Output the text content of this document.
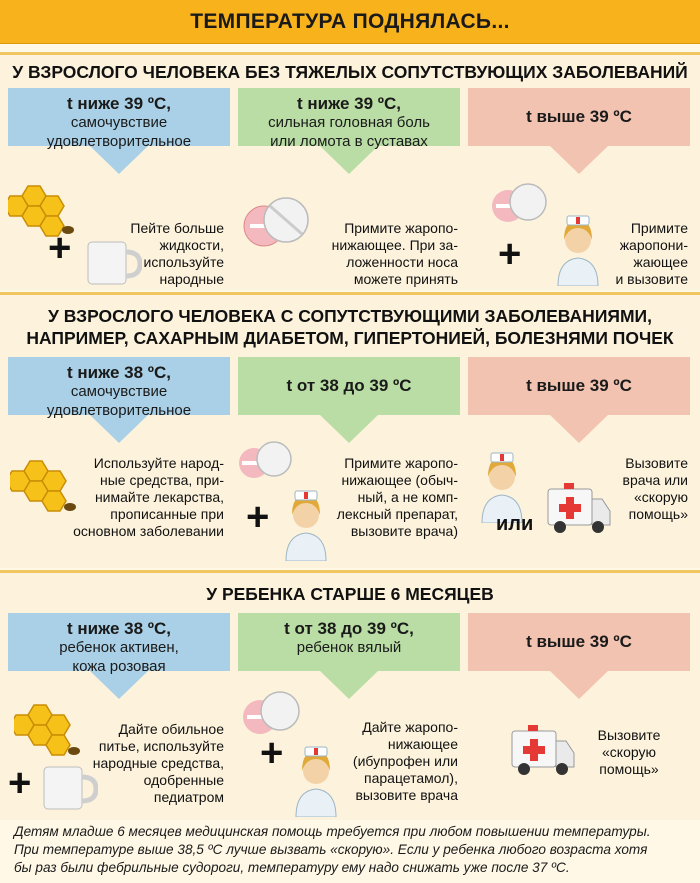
ТЕМПЕРАТУРА ПОДНЯЛАСЬ...
У ВЗРОСЛОГО ЧЕЛОВЕКА БЕЗ ТЯЖЕЛЫХ СОПУТСТВУЮЩИХ ЗАБОЛЕВАНИЙ
t ниже 39 ºC,
самочувствие
удовлетворительное
+	Пейте больше
жидкости,
используйте
народные
t ниже 39 ºC,
сильная головная боль
или ломота в суставах
Примите жаропо-
нижающее. При за-
ложенности носа
можете принять
t выше 39 ºC
+
Примите
жаропони-
жающее
и вызовите
У ВЗРОСЛОГО ЧЕЛОВЕКА С СОПУТСТВУЮЩИМИ ЗАБОЛЕВАНИЯМИ,
НАПРИМЕР, САХАРНЫМ ДИАБЕТОМ, ГИПЕРТОНИЕЙ, БОЛЕЗНЯМИ ПОЧЕК
t ниже 38 ºC,
самочувствие
удовлетворительное
Используйте народ-
ные средства, при-
нимайте лекарства,
прописанные при
основном заболевании
t от 38 до 39 ºC
+
Примите жаропо-
нижающее (обыч-
ный, а не комп-
лексный препарат,
вызовите врача)
t выше 39 ºC
или
Вызовите
врача или
«скорую
помощь»
У РЕБЕНКА СТАРШЕ 6 МЕСЯЦЕВ
t ниже 38 ºC,
ребенок активен,
кожа розовая
+
Дайте обильное
питье, используйте
народные средства,
одобренные
педиатром
t от 38 до 39 ºC,
ребенок вялый
+
Дайте жаропо-
нижающее
(ибупрофен или
парацетамол),
вызовите врача
t выше 39 ºC
Вызовите
«скорую
помощь»
Детям младше 6 месяцев медицинская помощь требуется при любом повышении температуры.
При температуре выше 38,5 ºC лучше вызвать «скорую». Если у ребенка любого возраста хотя
бы раз были фебрильные судороги, температуру ему надо снижать уже после 37 ºC.
